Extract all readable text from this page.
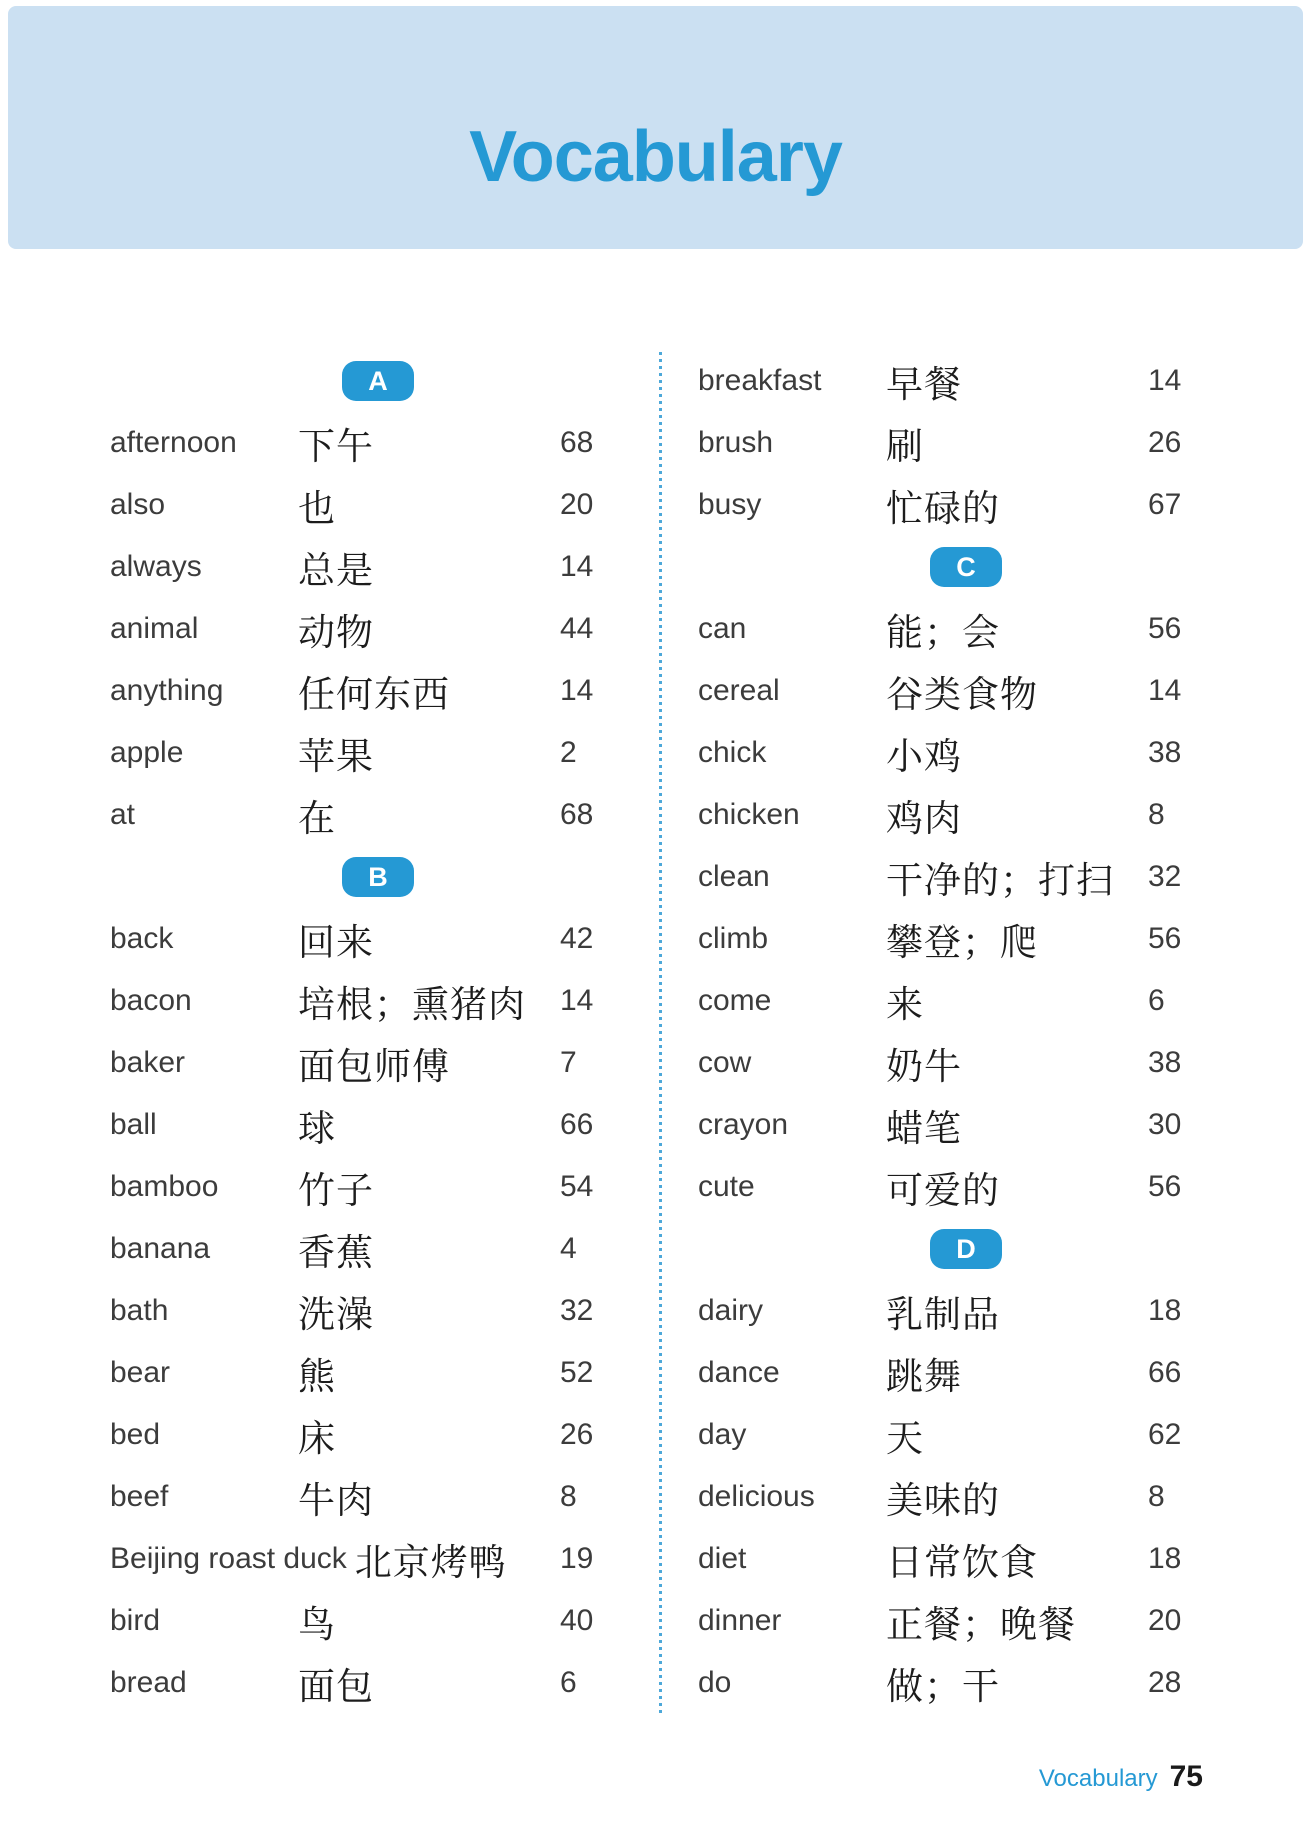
Vocabulary
A
afternoon	下午	68
also	也	20
always	总是	14
animal	动物	44
anything	任何东西	14
apple	苹果	2
at	在	68
B
back	回来	42
bacon	培根；熏猪肉 14
baker	面包师傅	7
ball	球	66
bamboo	竹子	54
banana	香蕉	4
bath	洗澡	32
bear	熊	52
bed	床	26
beef	牛肉	8
Beijing roast duck 北京烤鸭 19
bird	鸟	40
bread	面包	6
breakfast	早餐	14
brush	刷	26
busy	忙碌的	67
C
can	能；会	56
cereal	谷类食物	14
chick	小鸡	38
chicken	鸡肉	8
clean	干净的；打扫 32
climb	攀登；爬	56
come	来	6
cow	奶牛	38
crayon	蜡笔	30
cute	可爱的	56
D
dairy	乳制品	18
dance	跳舞	66
day	天	62
delicious	美味的	8
diet	日常饮食	18
dinner	正餐；晚餐 20
do	做；干	28
Vocabulary 75
